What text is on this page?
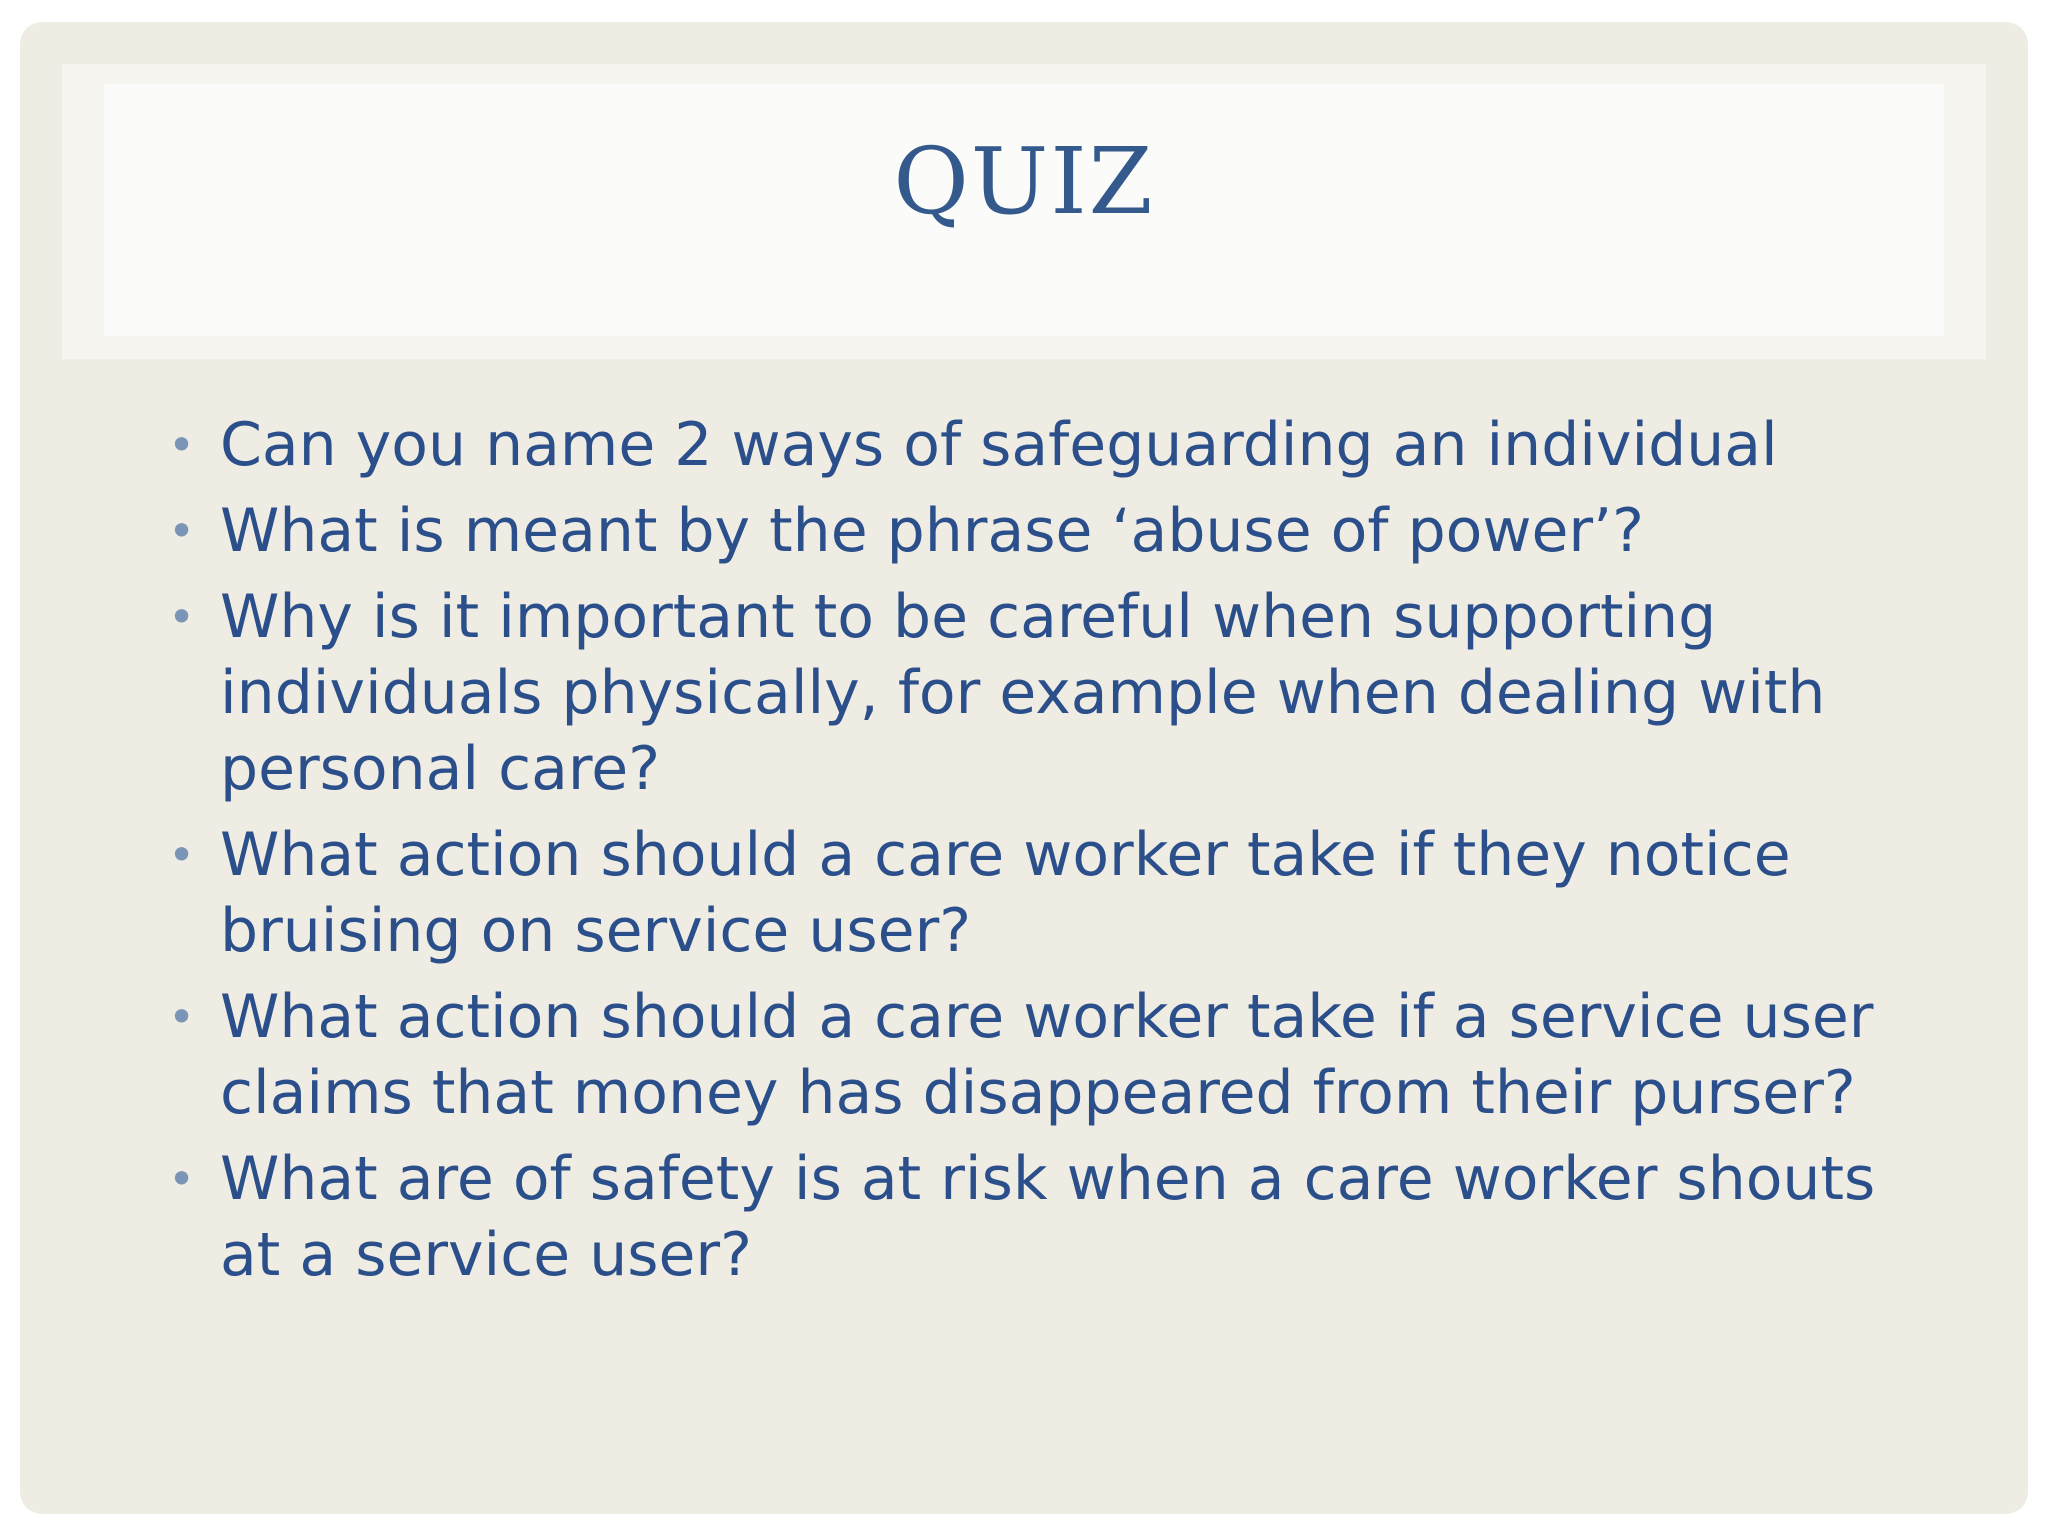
QUIZ
• Can you name 2 ways of safeguarding an individual
• What is meant by the phrase ‘abuse of power’?
• Why is it important to be careful when supporting individuals physically, for example when dealing with personal care?
• What action should a care worker take if they notice bruising on service user?
• What action should a care worker take if a service user claims that money has disappeared from their purser?
• What are of safety is at risk when a care worker shouts at a service user?
